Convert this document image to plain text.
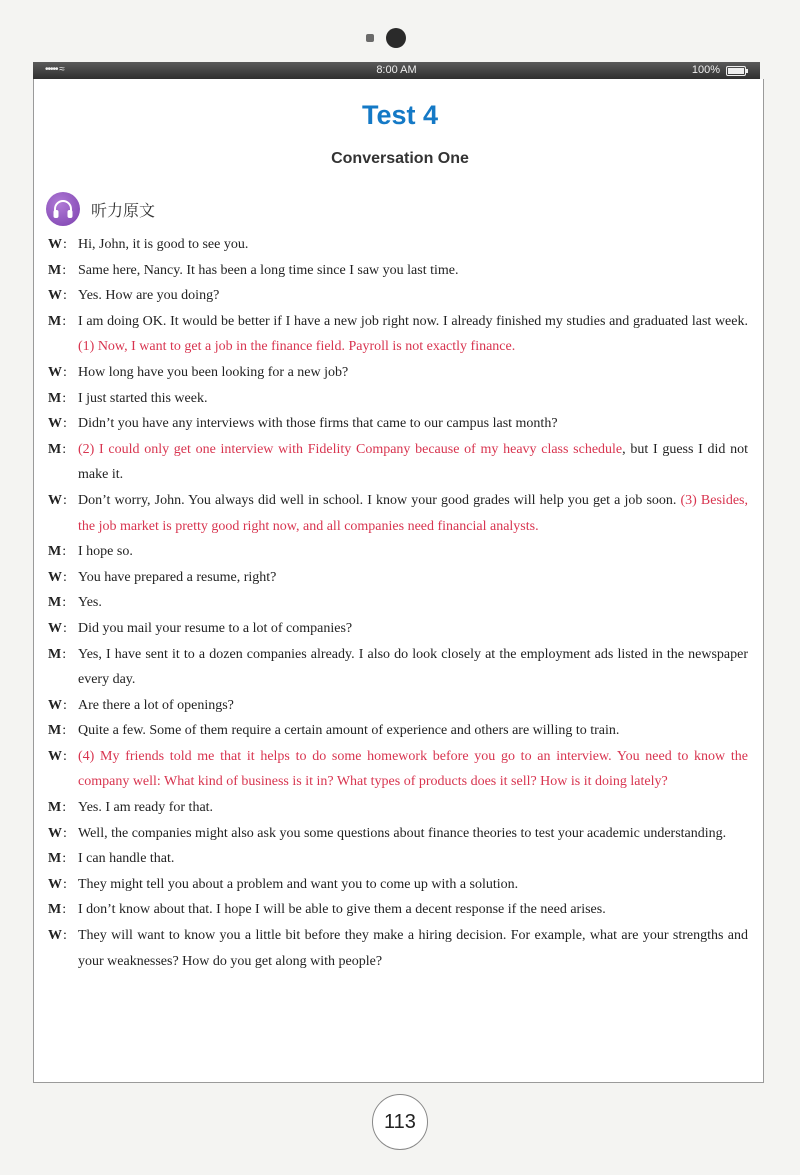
••••• ≈	8:00 AM	100%
Test 4
Conversation One
听力原文
W: Hi, John, it is good to see you.
M: Same here, Nancy. It has been a long time since I saw you last time.
W: Yes. How are you doing?
M: I am doing OK. It would be better if I have a new job right now. I already finished my studies and graduated last week. (1) Now, I want to get a job in the finance field. Payroll is not exactly finance.
W: How long have you been looking for a new job?
M: I just started this week.
W: Didn’t you have any interviews with those firms that came to our campus last month?
M: (2) I could only get one interview with Fidelity Company because of my heavy class schedule, but I guess I did not make it.
W: Don’t worry, John. You always did well in school. I know your good grades will help you get a job soon. (3) Besides, the job market is pretty good right now, and all companies need financial analysts.
M: I hope so.
W: You have prepared a resume, right?
M: Yes.
W: Did you mail your resume to a lot of companies?
M: Yes, I have sent it to a dozen companies already. I also do look closely at the employment ads listed in the newspaper every day.
W: Are there a lot of openings?
M: Quite a few. Some of them require a certain amount of experience and others are willing to train.
W: (4) My friends told me that it helps to do some homework before you go to an interview. You need to know the company well: What kind of business is it in? What types of products does it sell? How is it doing lately?
M: Yes. I am ready for that.
W: Well, the companies might also ask you some questions about finance theories to test your academic understanding.
M: I can handle that.
W: They might tell you about a problem and want you to come up with a solution.
M: I don’t know about that. I hope I will be able to give them a decent response if the need arises.
W: They will want to know you a little bit before they make a hiring decision. For example, what are your strengths and your weaknesses? How do you get along with people?
113
